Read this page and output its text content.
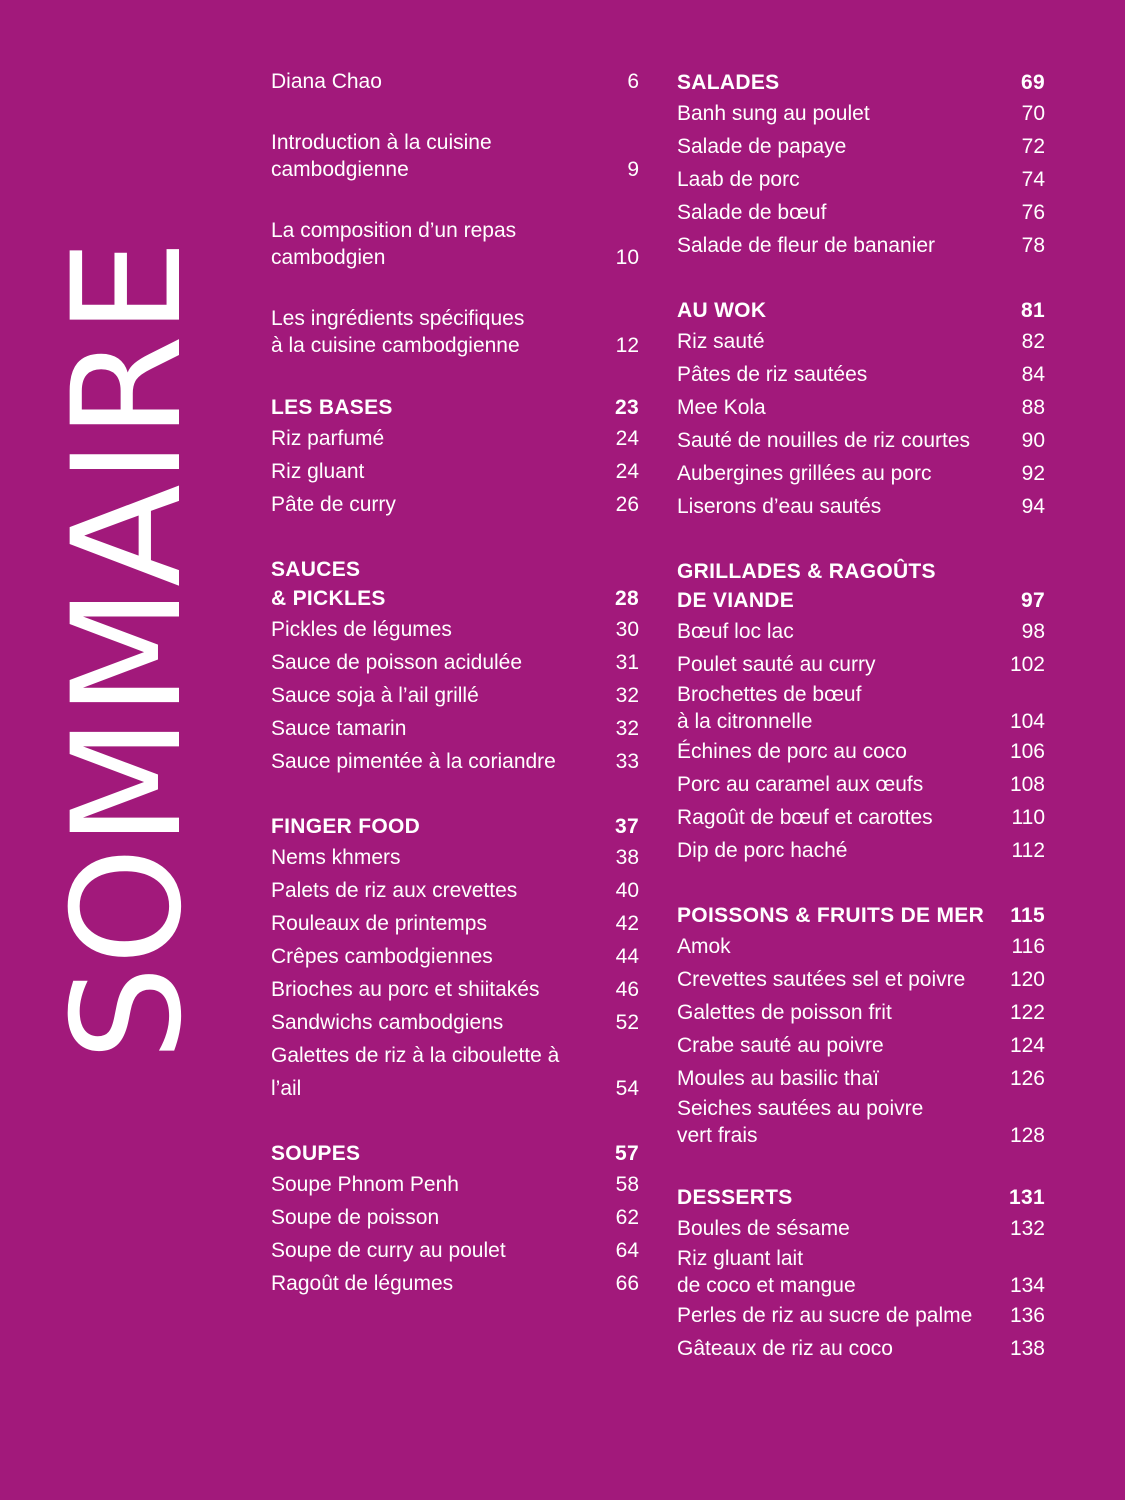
SOMMAIRE
Diana Chao	6
Introduction à la cuisine
cambodgienne	9
La composition d’un repas
cambodgien	10
Les ingrédients spécifiques
à la cuisine cambodgienne	12
LES BASES	23
Riz parfumé	24
Riz gluant	24
Pâte de curry	26
SAUCES
& PICKLES	28
Pickles de légumes	30
Sauce de poisson acidulée	31
Sauce soja à l’ail grillé	32
Sauce tamarin	32
Sauce pimentée à la coriandre	33
FINGER FOOD	37
Nems khmers	38
Palets de riz aux crevettes	40
Rouleaux de printemps	42
Crêpes cambodgiennes	44
Brioches au porc et shiitakés	46
Sandwichs cambodgiens	52
Galettes de riz à la ciboulette à l’ail	54
SOUPES	57
Soupe Phnom Penh	58
Soupe de poisson	62
Soupe de curry au poulet	64
Ragoût de légumes	66
SALADES	69
Banh sung au poulet	70
Salade de papaye	72
Laab de porc	74
Salade de bœuf	76
Salade de fleur de bananier	78
AU WOK	81
Riz sauté	82
Pâtes de riz sautées	84
Mee Kola	88
Sauté de nouilles de riz courtes 90
Aubergines grillées au porc	92
Liserons d’eau sautés	94
GRILLADES & RAGOÛTS
DE VIANDE	97
Bœuf loc lac	98
Poulet sauté au curry	102
Brochettes de bœuf
à la citronnelle	104
Échines de porc au coco	106
Porc au caramel aux œufs	108
Ragoût de bœuf et carottes	110
Dip de porc haché	112
POISSONS & FRUITS DE MER 115
Amok	116
Crevettes sautées sel et poivre 120
Galettes de poisson frit	122
Crabe sauté au poivre	124
Moules au basilic thaï	126
Seiches sautées au poivre
vert frais	128
DESSERTS	131
Boules de sésame	132
Riz gluant lait
de coco et mangue	134
Perles de riz au sucre de palme 136
Gâteaux de riz au coco	138
